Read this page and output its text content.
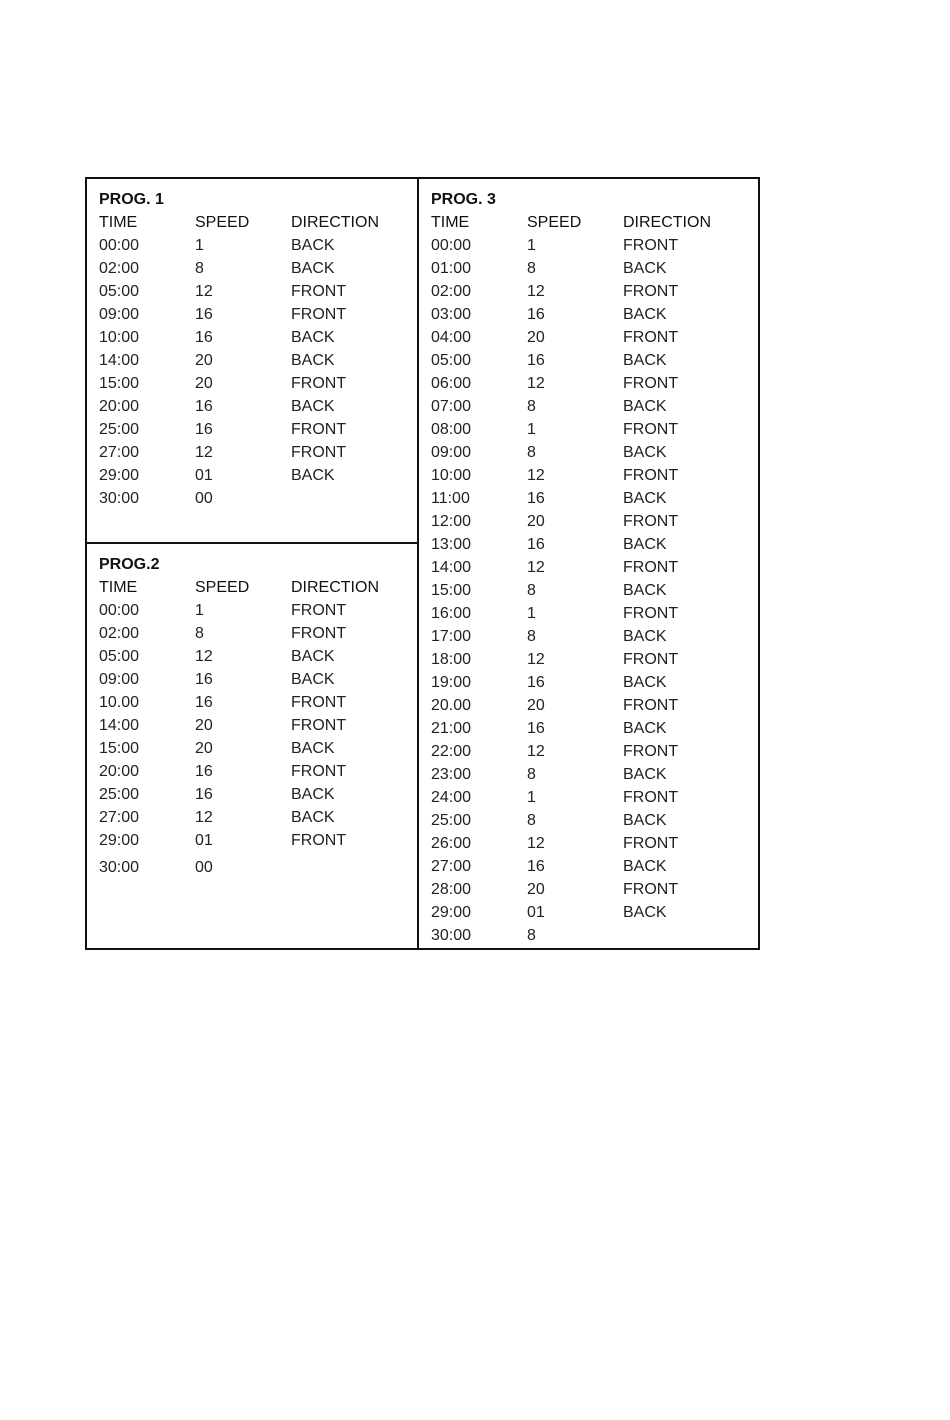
PROG. 1
TIME	SPEED	DIRECTION
00:00	1	BACK
02:00	8	BACK
05:00	12	FRONT
09:00	16	FRONT
10:00	16	BACK
14:00	20	BACK
15:00	20	FRONT
20:00	16	BACK
25:00	16	FRONT
27:00	12	FRONT
29:00	01	BACK
30:00	00
PROG.2
TIME	SPEED	DIRECTION
00:00	1	FRONT
02:00	8	FRONT
05:00	12	BACK
09:00	16	BACK
10.00	16	FRONT
14:00	20	FRONT
15:00	20	BACK
20:00	16	FRONT
25:00	16	BACK
27:00	12	BACK
29:00	01	FRONT
30:00	00
PROG. 3
TIME	SPEED	DIRECTION
00:00	1	FRONT
01:00	8	BACK
02:00	12	FRONT
03:00	16	BACK
04:00	20	FRONT
05:00	16	BACK
06:00	12	FRONT
07:00	8	BACK
08:00	1	FRONT
09:00	8	BACK
10:00	12	FRONT
11:00	16	BACK
12:00	20	FRONT
13:00	16	BACK
14:00	12	FRONT
15:00	8	BACK
16:00	1	FRONT
17:00	8	BACK
18:00	12	FRONT
19:00	16	BACK
20.00	20	FRONT
21:00	16	BACK
22:00	12	FRONT
23:00	8	BACK
24:00	1	FRONT
25:00	8	BACK
26:00	12	FRONT
27:00	16	BACK
28:00	20	FRONT
29:00	01	BACK
30:00	8
